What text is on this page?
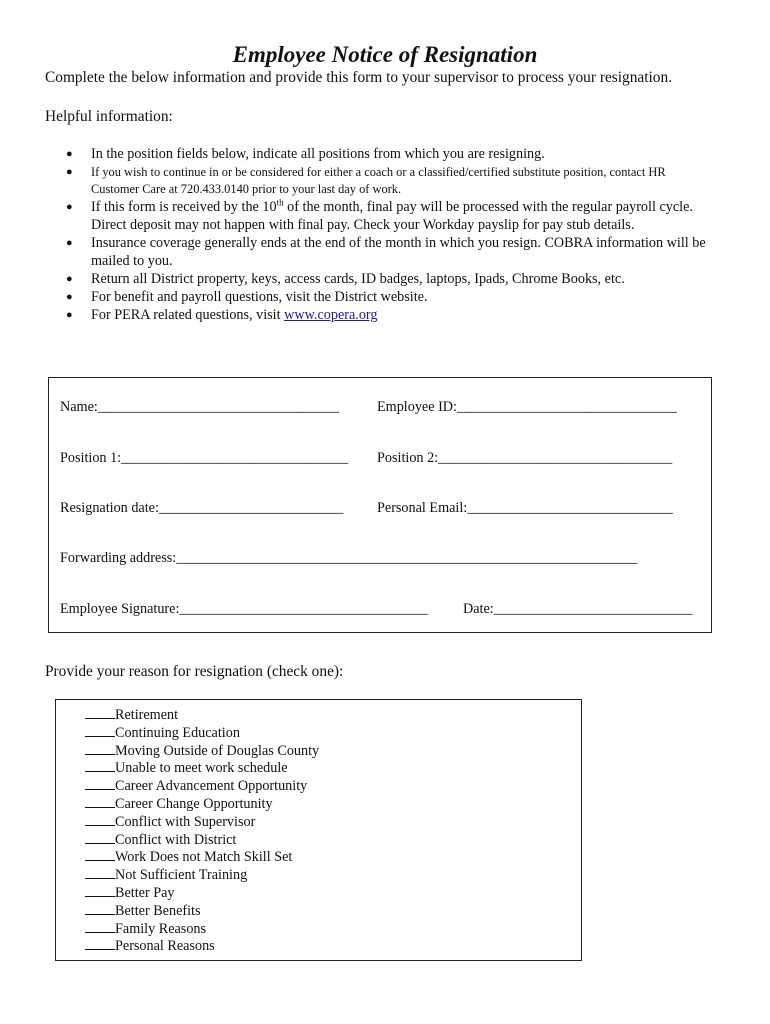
Employee Notice of Resignation
Complete the below information and provide this form to your supervisor to process your resignation.
Helpful information:
● In the position fields below, indicate all positions from which you are resigning.
● If you wish to continue in or be considered for either a coach or a classified/certified substitute position, contact HR Customer Care at 720.433.0140 prior to your last day of work.
● If this form is received by the 10th of the month, final pay will be processed with the regular payroll cycle. Direct deposit may not happen with final pay. Check your Workday payslip for pay stub details.
● Insurance coverage generally ends at the end of the month in which you resign. COBRA information will be mailed to you.
● Return all District property, keys, access cards, ID badges, laptops, Ipads, Chrome Books, etc.
● For benefit and payroll questions, visit the District website.
● For PERA related questions, visit www.copera.org
Name:__________________________________	Employee ID:_______________________________
Position 1:________________________________ Position 2:_________________________________
Resignation date:__________________________ Personal Email:_____________________________
Forwarding address:_________________________________________________________________
Employee Signature:___________________________________ Date:____________________________
Provide your reason for resignation (check one):
Retirement
Continuing Education
Moving Outside of Douglas County
Unable to meet work schedule
Career Advancement Opportunity
Career Change Opportunity
Conflict with Supervisor
Conflict with District
Work Does not Match Skill Set
Not Sufficient Training
Better Pay
Better Benefits
Family Reasons
Personal Reasons
